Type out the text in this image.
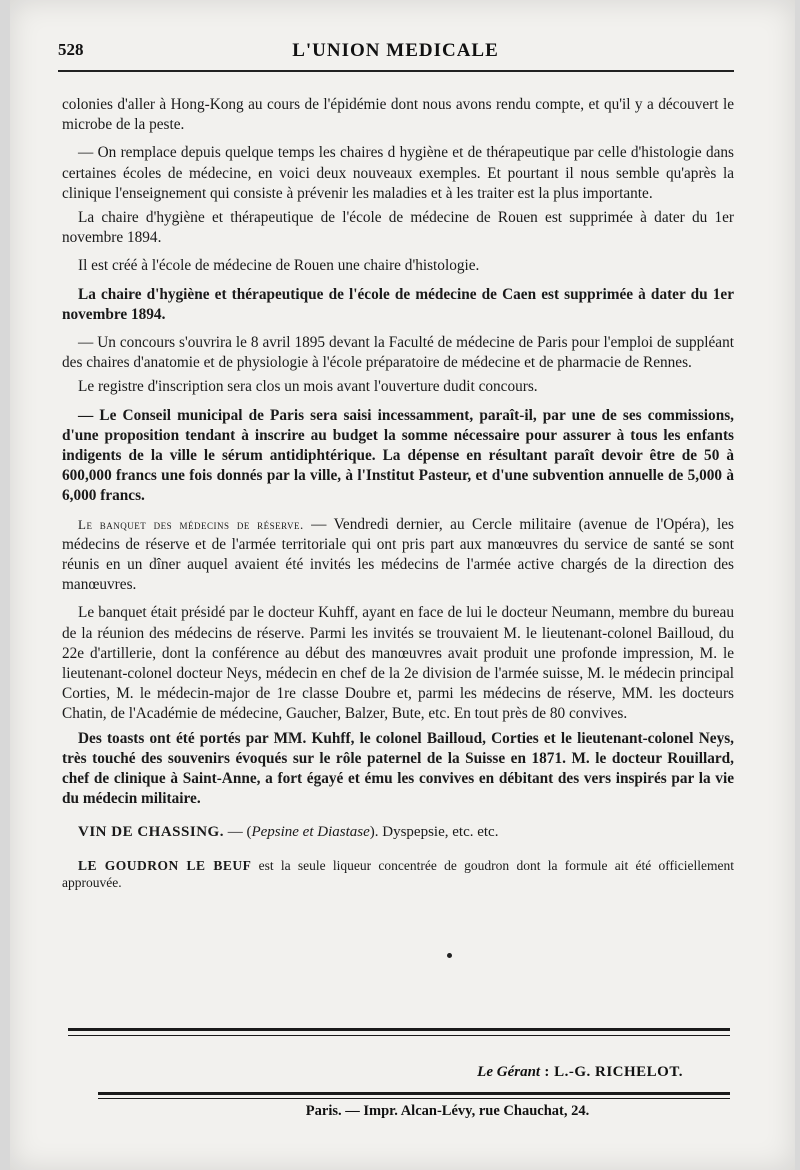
528	L'UNION MEDICALE

colonies d'aller à Hong-Kong au cours de l'épidémie dont nous avons rendu compte, et qu'il y a découvert le microbe de la peste.

— On remplace depuis quelque temps les chaires d hygiène et de thérapeutique par celle d'histologie dans certaines écoles de médecine, en voici deux nouveaux exemples. Et pourtant il nous semble qu'après la clinique l'enseignement qui consiste à prévenir les maladies et à les traiter est la plus importante.

La chaire d'hygiène et thérapeutique de l'école de médecine de Rouen est supprimée à dater du 1er novembre 1894.

Il est créé à l'école de médecine de Rouen une chaire d'histologie.

La chaire d'hygiène et thérapeutique de l'école de médecine de Caen est supprimée à dater du 1er novembre 1894.

— Un concours s'ouvrira le 8 avril 1895 devant la Faculté de médecine de Paris pour l'emploi de suppléant des chaires d'anatomie et de physiologie à l'école préparatoire de médecine et de pharmacie de Rennes.

Le registre d'inscription sera clos un mois avant l'ouverture dudit concours.

— Le Conseil municipal de Paris sera saisi incessamment, paraît-il, par une de ses commissions, d'une proposition tendant à inscrire au budget la somme nécessaire pour assurer à tous les enfants indigents de la ville le sérum antidiphtérique. La dépense en résultant paraît devoir être de 50 à 600,000 francs une fois donnés par la ville, à l'Institut Pasteur, et d'une subvention annuelle de 5,000 à 6,000 francs.

Le banquet des médecins de réserve. — Vendredi dernier, au Cercle militaire (avenue de l'Opéra), les médecins de réserve et de l'armée territoriale qui ont pris part aux manœuvres du service de santé se sont réunis en un dîner auquel avaient été invités les médecins de l'armée active chargés de la direction des manœuvres.

Le banquet était présidé par le docteur Kuhff, ayant en face de lui le docteur Neumann, membre du bureau de la réunion des médecins de réserve. Parmi les invités se trouvaient M. le lieutenant-colonel Bailloud, du 22e d'artillerie, dont la conférence au début des manœuvres avait produit une profonde impression, M. le lieutenant-colonel docteur Neys, médecin en chef de la 2e division de l'armée suisse, M. le médecin principal Corties, M. le médecin-major de 1re classe Doubre et, parmi les médecins de réserve, MM. les docteurs Chatin, de l'Académie de médecine, Gaucher, Balzer, Bute, etc. En tout près de 80 convives.

Des toasts ont été portés par MM. Kuhff, le colonel Bailloud, Corties et le lieutenant-colonel Neys, très touché des souvenirs évoqués sur le rôle paternel de la Suisse en 1871. M. le docteur Rouillard, chef de clinique à Saint-Anne, a fort égayé et ému les convives en débitant des vers inspirés par la vie du médecin militaire.

VIN DE CHASSING. — (Pepsine et Diastase). Dyspepsie, etc. etc.
LE GOUDRON LE BEUF est la seule liqueur concentrée de goudron dont la formule ait été officiellement approuvée.
Le Gérant : L.-G. RICHELOT.
Paris. — Impr. Alcan-Lévy, rue Chauchat, 24.
